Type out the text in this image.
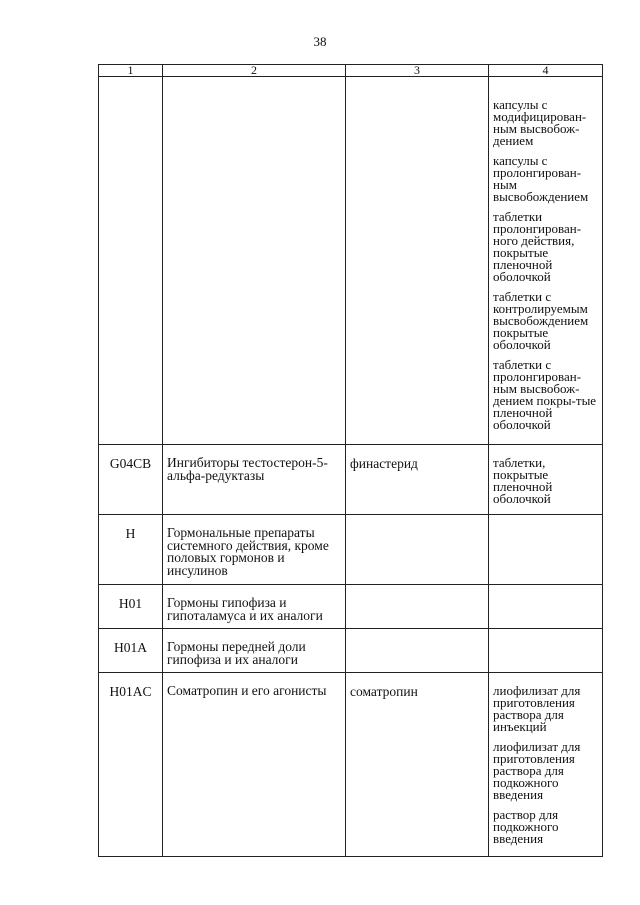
38
1	2	3	4

			капсулы с модифицирован-ным высвобож-дением
капсулы с пролонгирован-ным высвобождением
таблетки пролонгирован-ного действия, покрытые пленочной оболочкой
таблетки с контролируемым высвобождением покрытые оболочкой
таблетки с пролонгирован-ным высвобож-дением покры-тые пленочной оболочкой

G04CB	Ингибиторы тестостерон-5-альфа-редуктазы	финастерид	таблетки, покрытые пленочной оболочкой

H	Гормональные препараты системного действия, кроме половых гормонов и инсулинов		
H01	Гормоны гипофиза и гипоталамуса и их аналоги		
H01A	Гормоны передней доли гипофиза и их аналоги		
H01AC	Соматропин и его агонисты	соматропин	лиофилизат для приготовления раствора для инъекций
лиофилизат для приготовления раствора для подкожного введения
раствор для подкожного введения
